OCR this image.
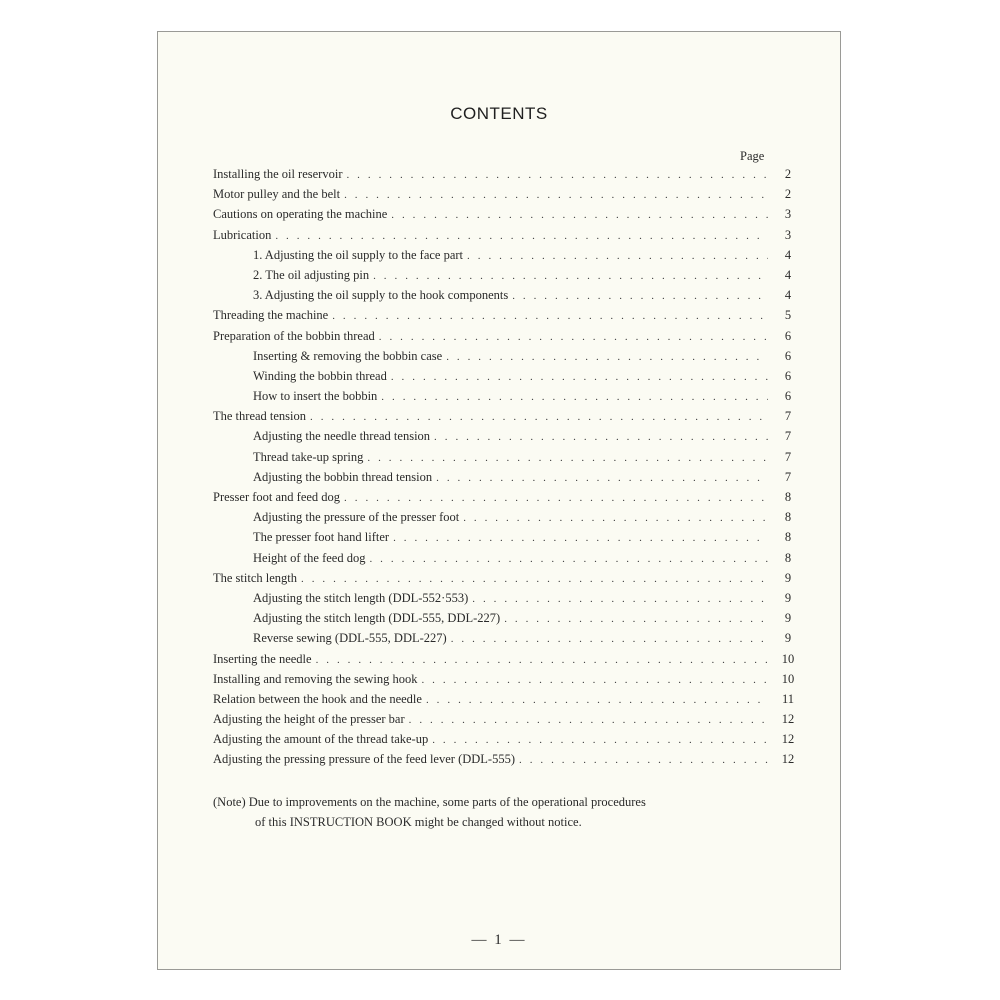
CONTENTS
Page
Installing the oil reservoir . . .	2
Motor pulley and the belt . . .	2
Cautions on operating the machine . . .	3
Lubrication . . .	3
1. Adjusting the oil supply to the face part . . .	4
2. The oil adjusting pin . . .	4
3. Adjusting the oil supply to the hook components . . .	4
Threading the machine . . .	5
Preparation of the bobbin thread . . .	6
Inserting & removing the bobbin case . . .	6
Winding the bobbin thread . . .	6
How to insert the bobbin . . .	6
The thread tension . . .	7
Adjusting the needle thread tension . . .	7
Thread take-up spring . . .	7
Adjusting the bobbin thread tension . . .	7
Presser foot and feed dog . . .	8
Adjusting the pressure of the presser foot . . .	8
The presser foot hand lifter . . .	8
Height of the feed dog . . .	8
The stitch length . . .	9
Adjusting the stitch length (DDL-552·553) . . .	9
Adjusting the stitch length (DDL-555, DDL-227) . . .	9
Reverse sewing (DDL-555, DDL-227) . . .	9
Inserting the needle . . .	10
Installing and removing the sewing hook . . .	10
Relation between the hook and the needle . . .	11
Adjusting the height of the presser bar . . .	12
Adjusting the amount of the thread take-up . . .	12
Adjusting the pressing pressure of the feed lever (DDL-555) . . .	12
(Note) Due to improvements on the machine, some parts of the operational procedures
of this INSTRUCTION BOOK might be changed without notice.
— 1 —
